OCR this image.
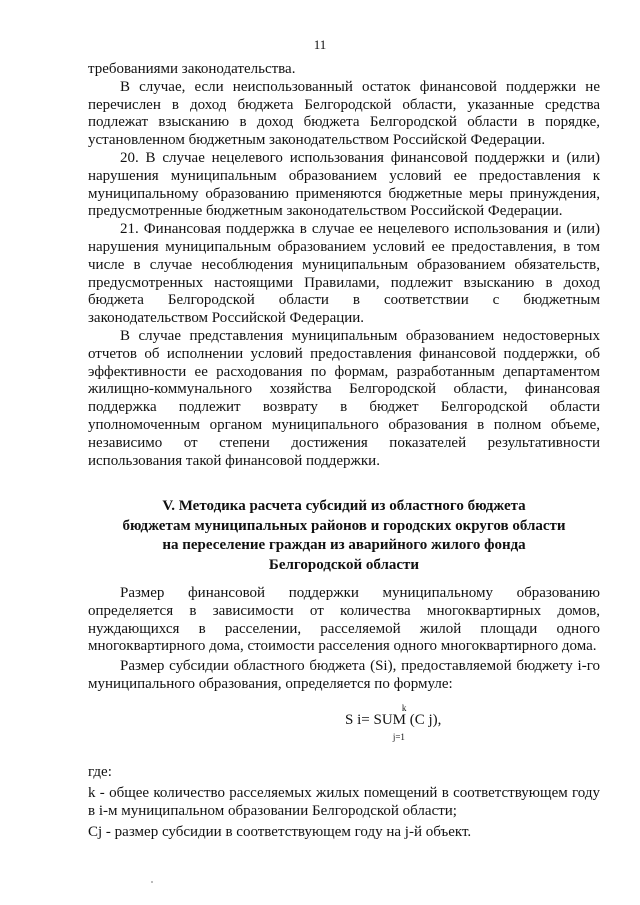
11

требованиями законодательства.

В случае, если неиспользованный остаток финансовой поддержки не перечислен в доход бюджета Белгородской области, указанные средства подлежат взысканию в доход бюджета Белгородской области в порядке, установленном бюджетным законодательством Российской Федерации.

20. В случае нецелевого использования финансовой поддержки и (или) нарушения муниципальным образованием условий ее предоставления к муниципальному образованию применяются бюджетные меры принуждения, предусмотренные бюджетным законодательством Российской Федерации.

21. Финансовая поддержка в случае ее нецелевого использования и (или) нарушения муниципальным образованием условий ее предоставления, в том числе в случае несоблюдения муниципальным образованием обязательств, предусмотренных настоящими Правилами, подлежит взысканию в доход бюджета Белгородской области в соответствии с бюджетным законодательством Российской Федерации.

В случае представления муниципальным образованием недостоверных отчетов об исполнении условий предоставления финансовой поддержки, об эффективности ее расходования по формам, разработанным департаментом жилищно-коммунального хозяйства Белгородской области, финансовая поддержка подлежит возврату в бюджет Белгородской области уполномоченным органом муниципального образования в полном объеме, независимо от степени достижения показателей результативности использования такой финансовой поддержки.

V. Методика расчета субсидий из областного бюджета
бюджетам муниципальных районов и городских округов области
на переселение граждан из аварийного жилого фонда
Белгородской области

Размер финансовой поддержки муниципальному образованию определяется в зависимости от количества многоквартирных домов, нуждающихся в расселении, расселяемой жилой площади одного многоквартирного дома, стоимости расселения одного многоквартирного дома.

Размер субсидии областного бюджета (Si), предоставляемой бюджету i-го муниципального образования, определяется по формуле:

S i= SU
k
j=1
M (C j),

где:

k - общее количество расселяемых жилых помещений в соответствующем году в i-м муниципальном образовании Белгородской области;

Cj - размер субсидии в соответствующем году на j-й объект.
